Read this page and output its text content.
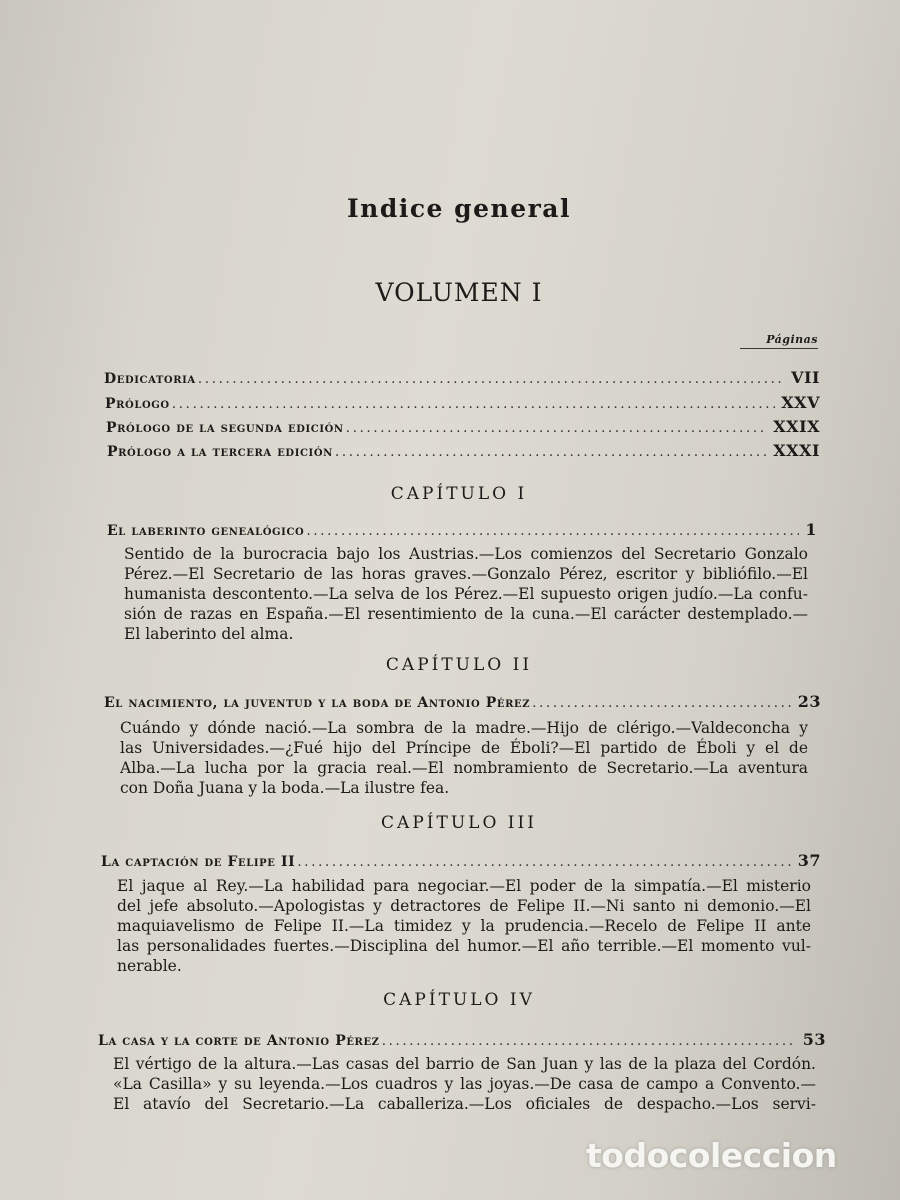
Indice general
VOLUMEN I
Páginas
Dedicatoria . . .	VII
Prólogo . . .	XXV
Prólogo de la segunda edición . . .	XXIX
Prólogo a la tercera edición . . .	XXXI
CAPÍTULO I
El laberinto genealógico . . .	1
Sentido de la burocracia bajo los Austrias.—Los comienzos del Secretario Gonzalo
Pérez.—El Secretario de las horas graves.—Gonzalo Pérez, escritor y bibliófilo.—El
humanista descontento.—La selva de los Pérez.—El supuesto origen judío.—La confu-
sión de razas en España.—El resentimiento de la cuna.—El carácter destemplado.—
El laberinto del alma.
CAPÍTULO II
El nacimiento, la juventud y la boda de Antonio Pérez . . .	23
Cuándo y dónde nació.—La sombra de la madre.—Hijo de clérigo.—Valdeconcha y
las Universidades.—¿Fué hijo del Príncipe de Éboli?—El partido de Éboli y el de
Alba.—La lucha por la gracia real.—El nombramiento de Secretario.—La aventura
con Doña Juana y la boda.—La ilustre fea.
CAPÍTULO III
La captación de Felipe II . . .	37
El jaque al Rey.—La habilidad para negociar.—El poder de la simpatía.—El misterio
del jefe absoluto.—Apologistas y detractores de Felipe II.—Ni santo ni demonio.—El
maquiavelismo de Felipe II.—La timidez y la prudencia.—Recelo de Felipe II ante
las personalidades fuertes.—Disciplina del humor.—El año terrible.—El momento vul-
nerable.
CAPÍTULO IV
La casa y la corte de Antonio Pérez . . .	53
El vértigo de la altura.—Las casas del barrio de San Juan y las de la plaza del Cordón.
«La Casilla» y su leyenda.—Los cuadros y las joyas.—De casa de campo a Convento.—
El atavío del Secretario.—La caballeriza.—Los oficiales de despacho.—Los servi-
todocoleccion
